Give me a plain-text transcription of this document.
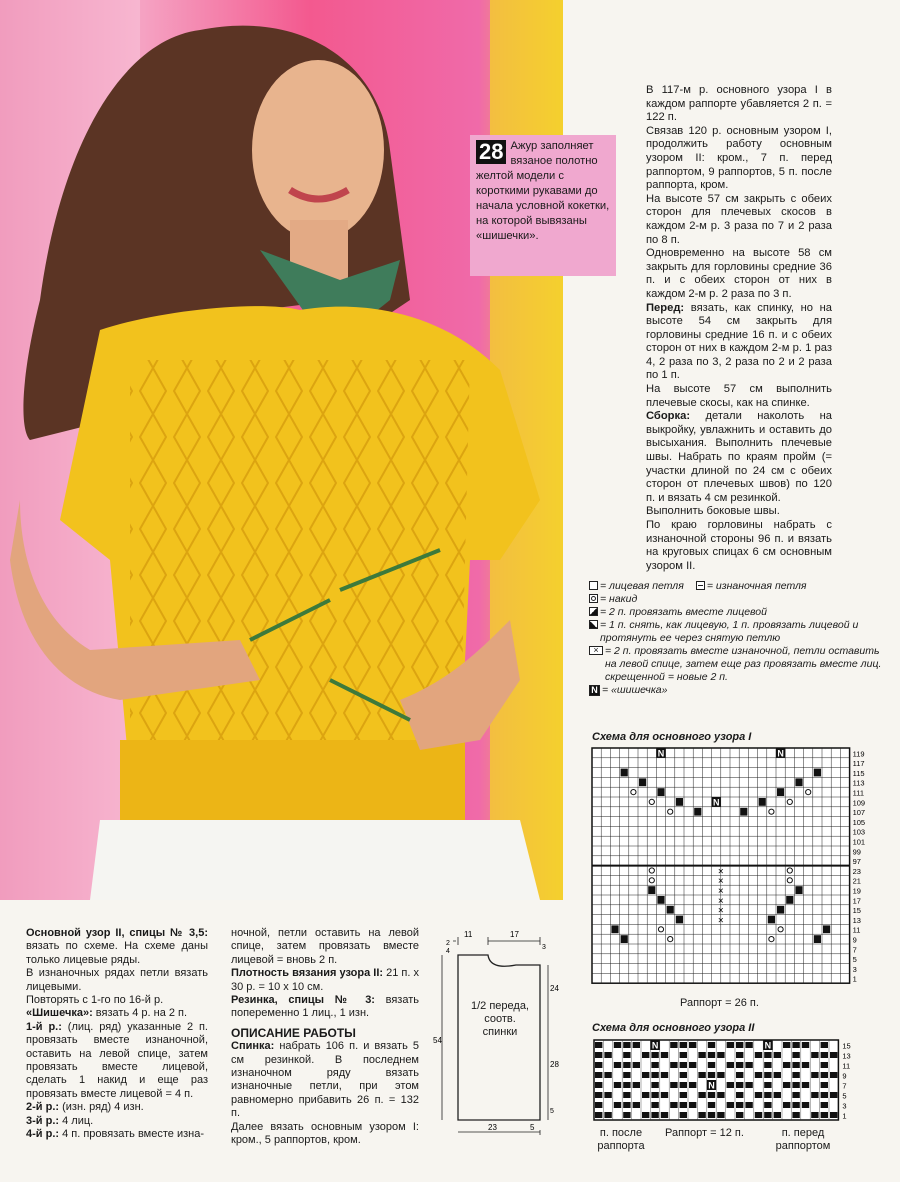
28 Ажур заполняет вязаное полотно желтой модели с короткими рукавами до начала условной кокетки, на которой вывязаны «шишечки».

В 117-м р. основного узора I в каждом раппорте убавляется 2 п. = 122 п.

Связав 120 р. основным узором I, продолжить работу основным узором II: кром., 7 п. перед раппортом, 9 раппортов, 5 п. после раппорта, кром.

На высоте 57 см закрыть с обеих сторон для плечевых скосов в каждом 2-м р. 3 раза по 7 и 2 раза по 8 п.

Одновременно на высоте 58 см закрыть для горловины средние 36 п. и с обеих сторон от них в каждом 2-м р. 2 раза по 3 п.

Перед: вязать, как спинку, но на высоте 54 см закрыть для горловины средние 16 п. и с обеих сторон от них в каждом 2-м р. 1 раз 4, 2 раза по 3, 2 раза по 2 и 2 раза по 1 п.

На высоте 57 см выполнить плечевые скосы, как на спинке.

Сборка: детали наколоть на выкройку, увлажнить и оставить до высыхания. Выполнить плечевые швы. Набрать по краям пройм (= участки длиной по 24 см с обеих сторон от плечевых швов) по 120 п. и вязать 4 см резинкой.

Выполнить боковые швы.

По краю горловины набрать с изнаночной стороны 96 п. и вязать на круговых спицах 6 см основным узором II.

= лицевая петля = изнаночная петля
= накид
= 2 п. провязать вместе лицевой
= 1 п. снять, как лицевую, 1 п. провязать лицевой и протянуть ее через снятую петлю
× = 2 п. провязать вместе изнаночной, петли оставить на левой спице, затем еще раз провязать вместе лиц. скрещенной = новые 2 п.
N = «шишечка»
Схема для основного узора I
N	N
N
×
×
×
×
×
×
119
117
115
113
111
109
107
105
103
101
99
97
23
21
19
17
15
13
11
9
7
5
3
1
Раппорт = 26 п.
Схема для основного узора II
N	N
N
15
13
11
9
7
5
3
1
п. после раппорта
Раппорт = 12 п.	п. перед раппортом

Основной узор II, спицы № 3,5: вязать по схеме. На схеме даны только лицевые ряды.

В изнаночных рядах петли вязать лицевыми.

Повторять с 1-го по 16-й р.

«Шишечка»: вязать 4 р. на 2 п.

1-й р.: (лиц. ряд) указанные 2 п. провязать вместе изнаночной, оставить на левой спице, затем провязать вместе лицевой, сделать 1 накид и еще раз провязать вместе лицевой = 4 п.

2-й р.: (изн. ряд) 4 изн.

3-й р.: 4 лиц.

4-й р.: 4 п. провязать вместе изна-

ночной, петли оставить на левой спице, затем провязать вместе лицевой = вновь 2 п.

Плотность вязания узора II: 21 п. x 30 р. = 10 x 10 см.

Резинка, спицы № 3: вязать попеременно 1 лиц., 1 изн.

ОПИСАНИЕ РАБОТЫ

Спинка: набрать 106 п. и вязать 5 см резинкой. В последнем изнаночном ряду вязать изнаночные петли, при этом равномерно прибавить 26 п. = 132 п.

Далее вязать основным узором I: кром., 5 раппортов, кром.

11	17
4
2
3
54
24
28
5
23	5
1/2 переда, соотв. спинки
